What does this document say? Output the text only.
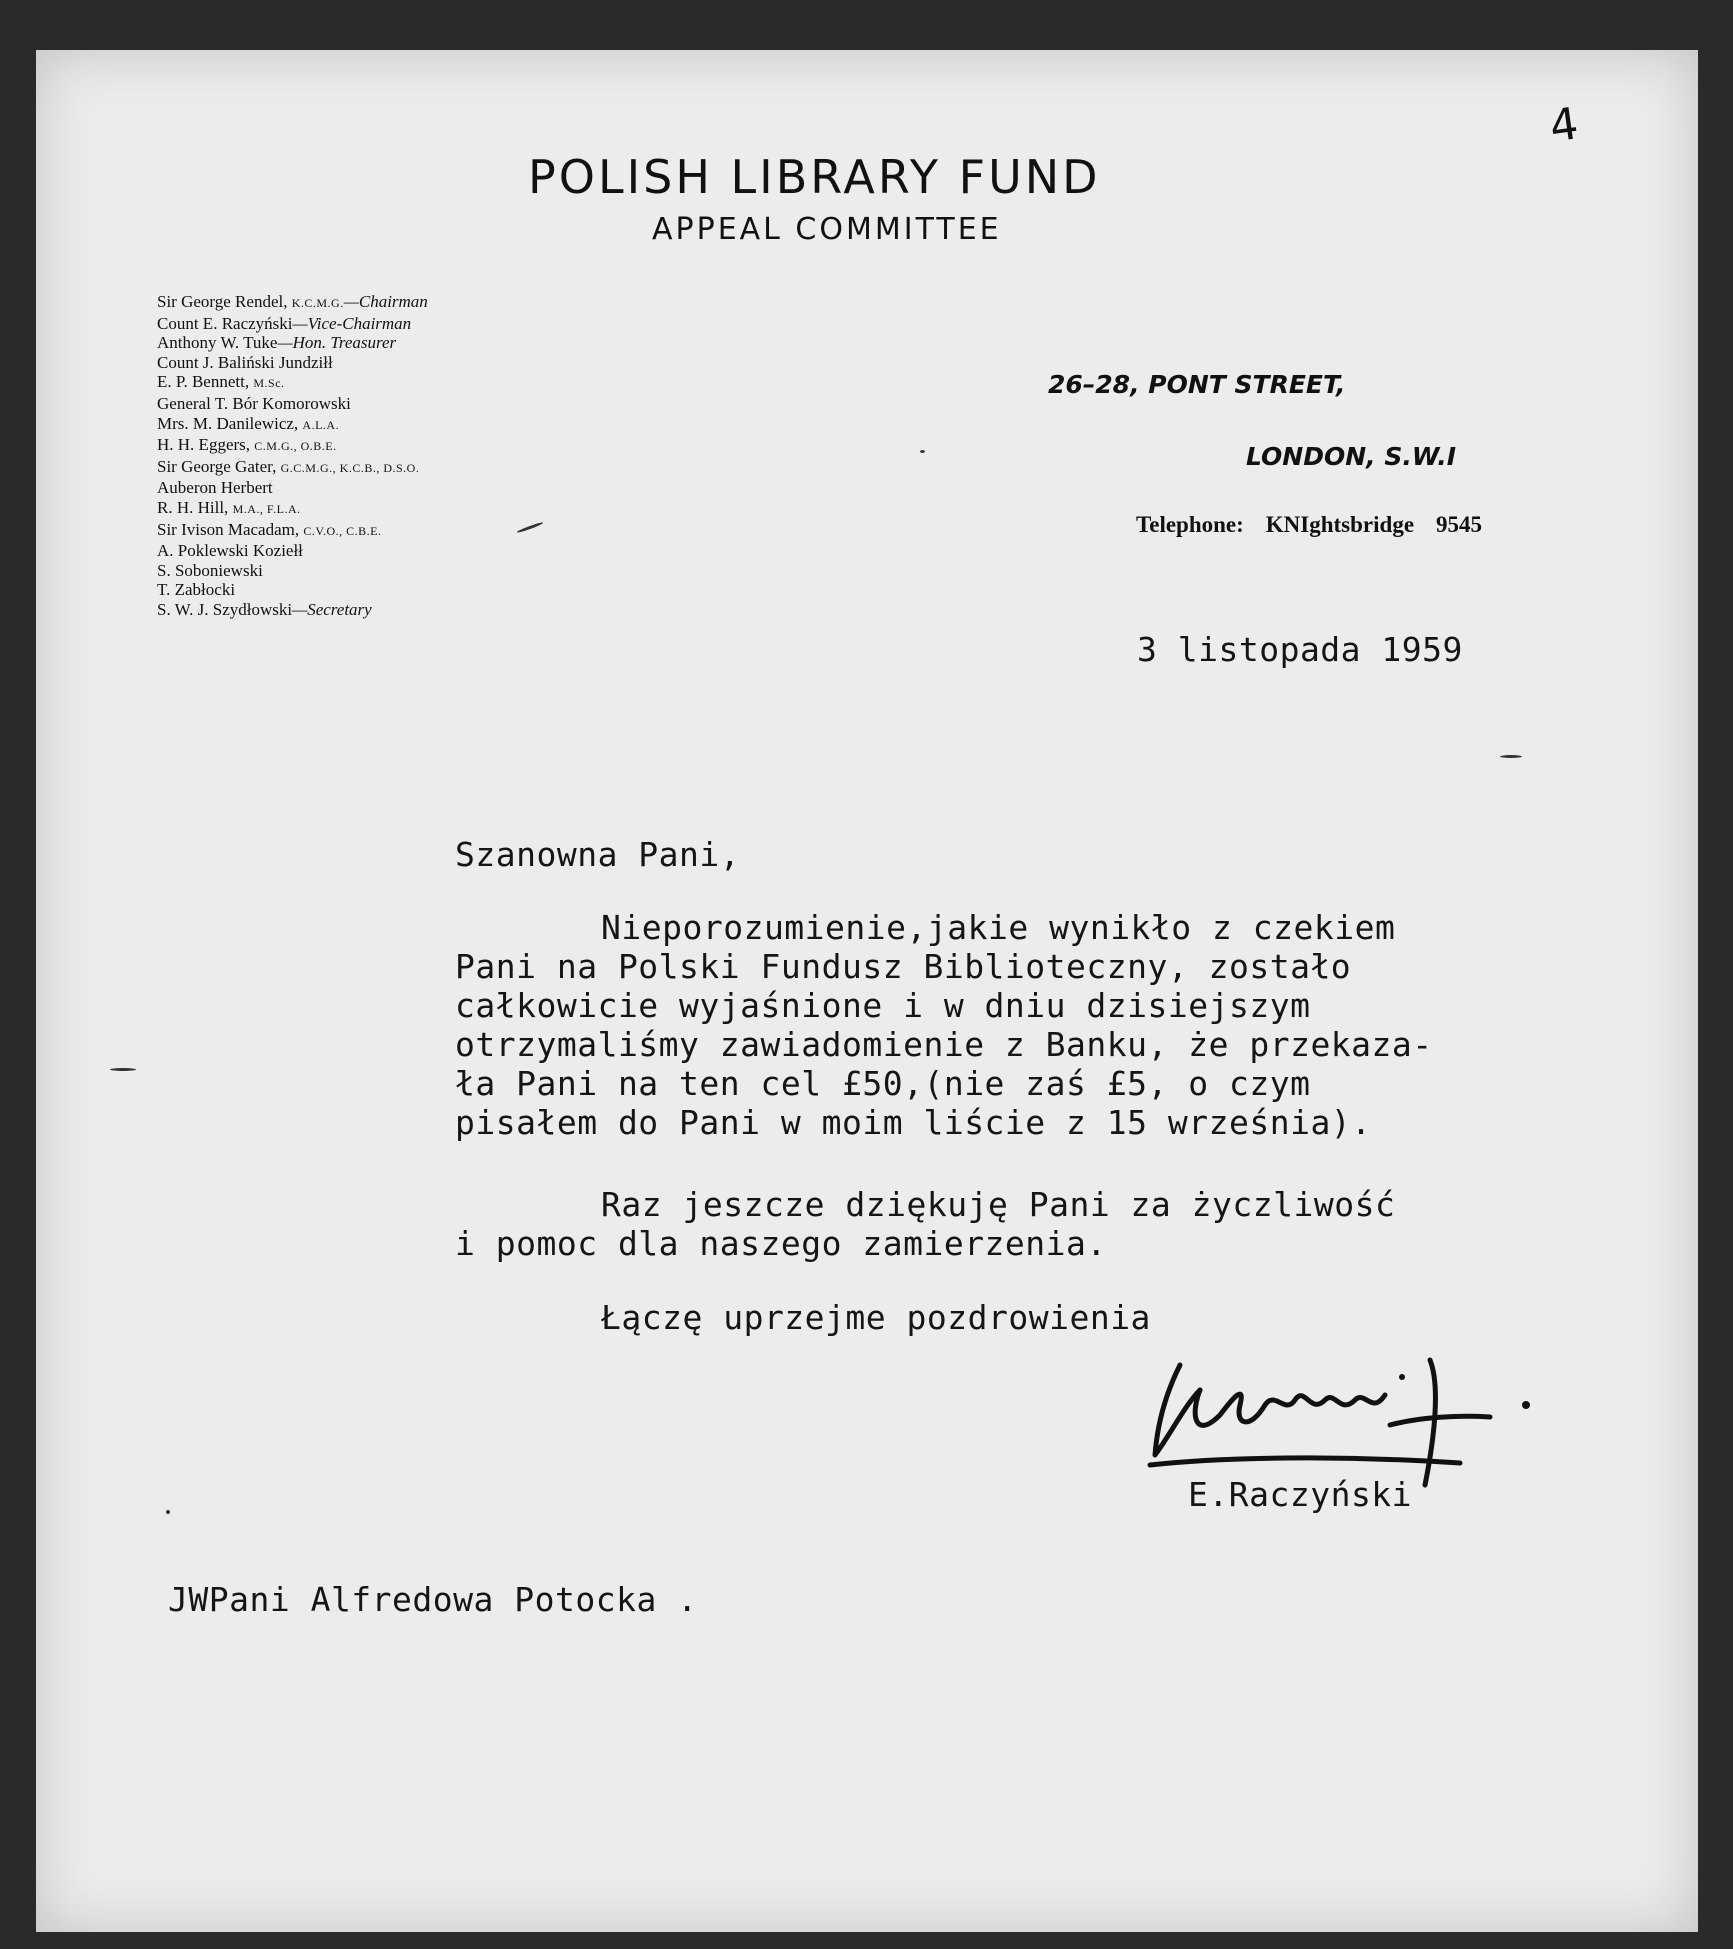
4
POLISH LIBRARY FUND
APPEAL COMMITTEE
Sir George Rendel, K.C.M.G.—Chairman
Count E. Raczyński—Vice-Chairman
Anthony W. Tuke—Hon. Treasurer
Count J. Baliński Jundziłł
E. P. Bennett, M.Sc.
General T. Bór Komorowski
Mrs. M. Danilewicz, A.L.A.
H. H. Eggers, C.M.G., O.B.E.
Sir George Gater, G.C.M.G., K.C.B., D.S.O.
Auberon Herbert
R. H. Hill, M.A., F.L.A.
Sir Ivison Macadam, C.V.O., C.B.E.
A. Poklewski Koziełł
S. Soboniewski
T. Zabłocki
S. W. J. Szydłowski—Secretary
26–28, PONT STREET,
LONDON, S.W.I
Telephone: KNIghtsbridge 9545
3 listopada 1959
Szanowna Pani,
Nieporozumienie,jakie wynikło z czekiem
Pani na Polski Fundusz Biblioteczny, zostało
całkowicie wyjaśnione i w dniu dzisiejszym
otrzymaliśmy zawiadomienie z Banku, że przekaza-
ła Pani na ten cel £50,(nie zaś £5, o czym
pisałem do Pani w moim liście z 15 września).
Raz jeszcze dziękuję Pani za życzliwość
i pomoc dla naszego zamierzenia.
Łączę uprzejme pozdrowienia
E.Raczyński
JWPani Alfredowa Potocka .
